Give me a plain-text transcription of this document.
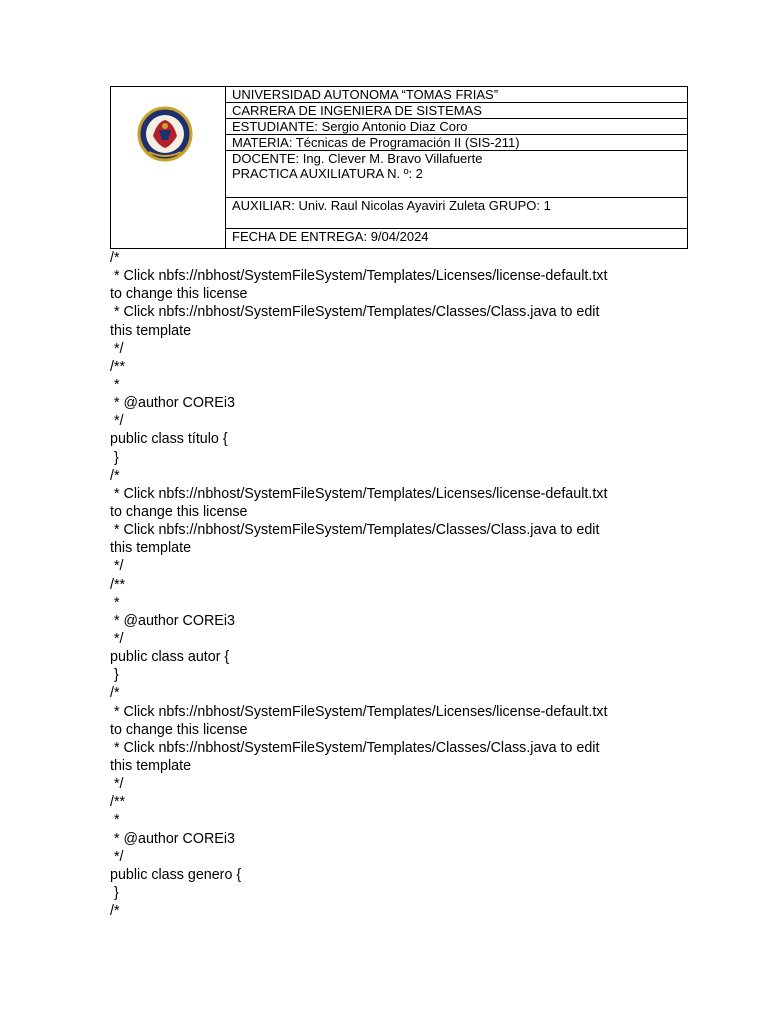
UNIVERSIDAD AUTONOMA “TOMAS FRIAS”
CARRERA DE INGENIERA DE SISTEMAS
ESTUDIANTE: Sergio Antonio Diaz Coro
MATERIA: Técnicas de Programación II (SIS-211)
DOCENTE: Ing. Clever M. Bravo Villafuerte
PRACTICA AUXILIATURA N. º: 2
AUXILIAR: Univ. Raul Nicolas Ayaviri Zuleta GRUPO: 1
FECHA DE ENTREGA: 9/04/2024
/*
* Click nbfs://nbhost/SystemFileSystem/Templates/Licenses/license-default.txt
to change this license
* Click nbfs://nbhost/SystemFileSystem/Templates/Classes/Class.java to edit
this template
*/
/**
*
* @author COREi3
*/
public class título {
}
/*
* Click nbfs://nbhost/SystemFileSystem/Templates/Licenses/license-default.txt
to change this license
* Click nbfs://nbhost/SystemFileSystem/Templates/Classes/Class.java to edit
this template
*/
/**
*
* @author COREi3
*/
public class autor {
}
/*
* Click nbfs://nbhost/SystemFileSystem/Templates/Licenses/license-default.txt
to change this license
* Click nbfs://nbhost/SystemFileSystem/Templates/Classes/Class.java to edit
this template
*/
/**
*
* @author COREi3
*/
public class genero {
}
/*
